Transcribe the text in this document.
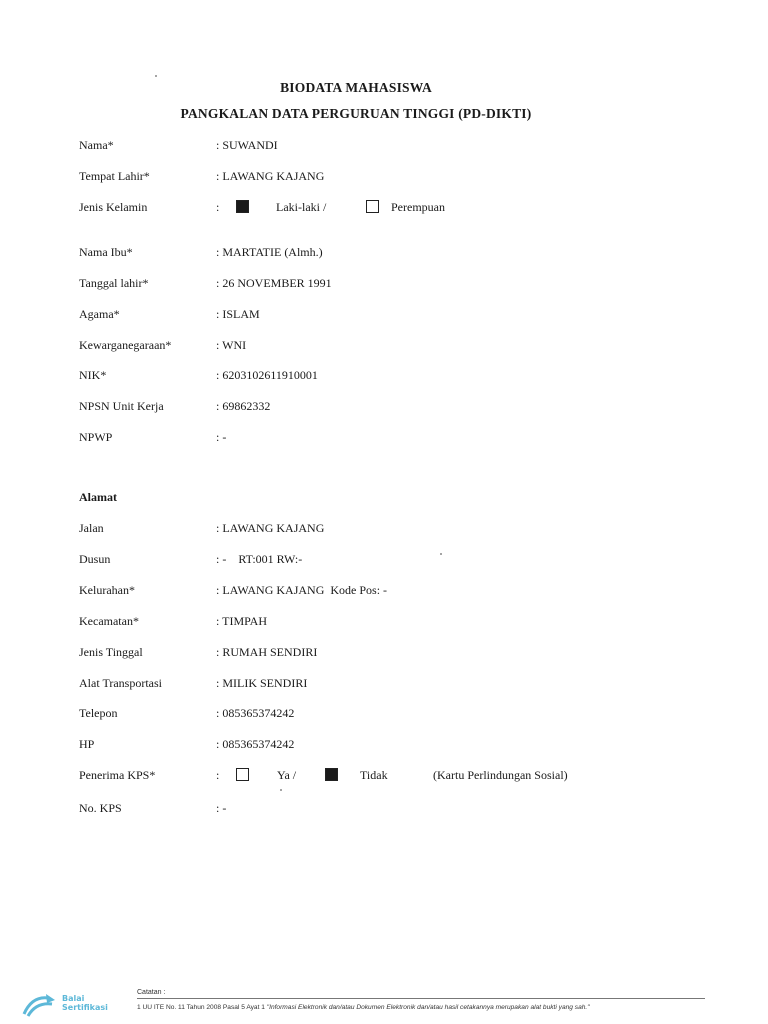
BIODATA MAHASISWA
PANGKALAN DATA PERGURUAN TINGGI (PD-DIKTI)
Nama*	: SUWANDI
Tempat Lahir*	: LAWANG KAJANG
Jenis Kelamin	:	Laki-laki /	Perempuan
Nama Ibu*	: MARTATIE (Almh.)
Tanggal lahir*	: 26 NOVEMBER 1991
Agama*	: ISLAM
Kewarganegaraan*	: WNI
NIK*	: 6203102611910001
NPSN Unit Kerja	: 69862332
NPWP	: -
Alamat
Jalan	: LAWANG KAJANG
Dusun	: -    RT:001 RW:-
Kelurahan*	: LAWANG KAJANG  Kode Pos: -
Kecamatan*	: TIMPAH
Jenis Tinggal	: RUMAH SENDIRI
Alat Transportasi	: MILIK SENDIRI
Telepon	: 085365374242
HP	: 085365374242
Penerima KPS*	:	Ya /	Tidak	(Kartu Perlindungan Sosial)
No. KPS	: -
Balai
Sertifikasi
Catatan :
1 UU ITE No. 11 Tahun 2008 Pasal 5 Ayat 1 "Informasi Elektronik dan/atau Dokumen Elektronik dan/atau hasil cetakannya merupakan alat bukti yang sah."
